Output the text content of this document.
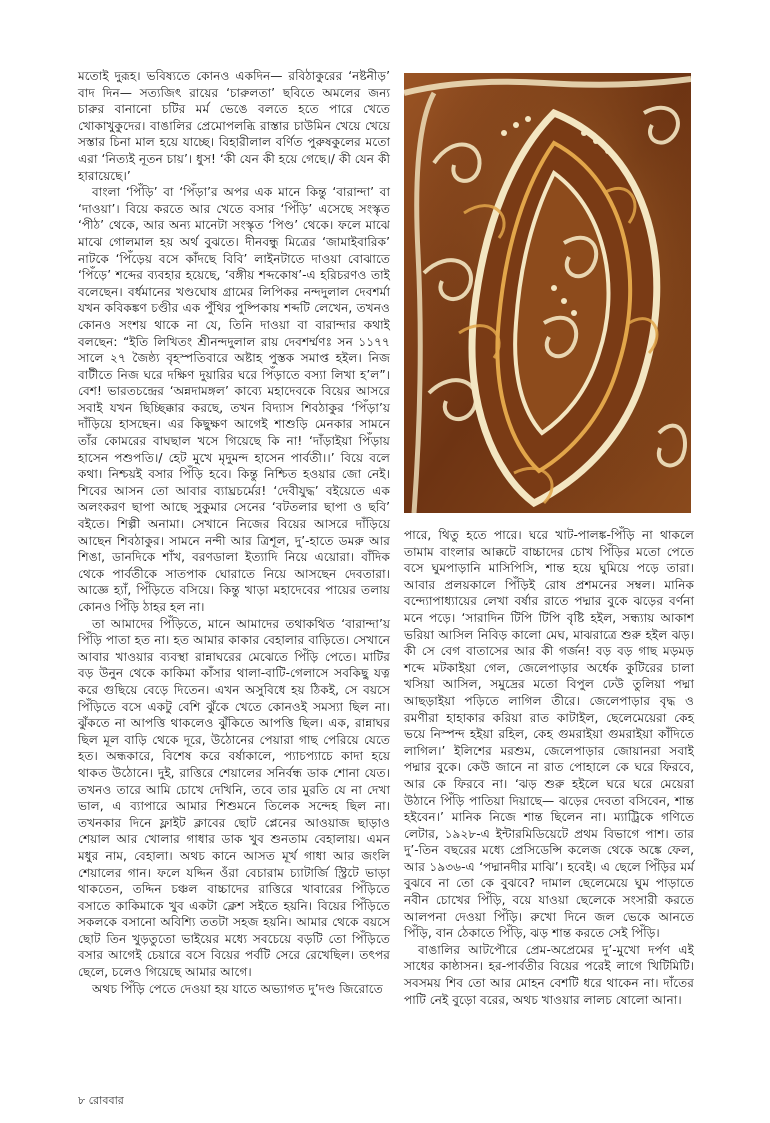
মতোই দুরূহ। ভবিষ্যতে কোনও একদিন— রবিঠাকুরের ‘নষ্টনীড়’ বাদ দিন— সত্যজিৎ রায়ের ‘চারুলতা’ ছবিতে অমলের জন্য চারুর বানানো চটির মর্ম ভেঙে বলতে হতে পারে খেতে খোকাখুকুদের। বাঙালির প্রেমোপলব্ধি রাস্তার চাউমিন খেয়ে খেয়ে সস্তার চিনা মাল হয়ে যাচ্ছে। বিহারীলাল বর্ণিত পুরুষকুলের মতো এরা ‘নিত্যই নূতন চায়’। ধুস! ‘কী যেন কী হয়ে গেছে।/ কী যেন কী হারায়েছে।’

বাংলা ‘পিঁড়ি’ বা ‘পিঁড়া’র অপর এক মানে কিন্তু ‘বারান্দা’ বা ‘দাওয়া’। বিয়ে করতে আর খেতে বসার ‘পিঁড়ি’ এসেছে সংস্কৃত ‘পীঠ’ থেকে, আর অন্য মানেটা সংস্কৃত ‘পিণ্ড’ থেকে। ফলে মাঝে মাঝে গোলমাল হয় অর্থ বুঝতে। দীনবন্ধু মিত্রের ‘জামাইবারিক’ নাটকে ‘পিঁড়েয় বসে কাঁদছে বিবি’ লাইনটাতে দাওয়া বোঝাতে ‘পিঁড়ে’ শব্দের ব্যবহার হয়েছে, ‘বঙ্গীয় শব্দকোষ’-এ হরিচরণও তাই বলেছেন। বর্ধমানের খণ্ডঘোষ গ্রামের লিপিকর নন্দদুলাল দেবশর্মা যখন কবিকঙ্কণ চণ্ডীর এক পুঁথির পুষ্পিকায় শব্দটি লেখেন, তখনও কোনও সংশয় থাকে না যে, তিনি দাওয়া বা বারান্দার কথাই বলছেন: “ইতি লিখিতং শ্রীনন্দদুলাল রায় দেবশর্ম্মণঃ সন ১১৭৭ সালে ২৭ জৈষ্ঠ্য বৃহস্পতিবারে অষ্টাহ পুস্তক সমাপ্ত হইল। নিজ বাটীতে নিজ ঘরে দক্ষিণ দুয়ারির ঘরে পিঁড়াতে বস্যা লিখা হ’ল”। বেশ! ভারতচন্দ্রের ‘অন্নদামঙ্গল’ কাব্যে মহাদেবকে বিয়ের আসরে সবাই যখন ছিচ্ছিক্কার করছে, তখন বিদ্যাস শিবঠাকুর ‘পিঁড়া’য় দাঁড়িয়ে হাসছেন। এর কিছুক্ষণ আগেই শাশুড়ি মেনকার সামনে তাঁর কোমরের বাঘছাল খসে গিয়েছে কি না! ‘দাঁড়াইয়া পিঁড়ায় হাসেন পশুপতি।/ হেট মুখে মৃদুমন্দ হাসেন পার্বতী।।’ বিয়ে বলে কথা। নিশ্চয়ই বসার পিঁড়ি হবে। কিন্তু নিশ্চিত হওয়ার জো নেই। শিবের আসন তো আবার ব্যাঘ্রচর্মের! ‘দেবীযুদ্ধ’ বইয়েতে এক অলংকরণ ছাপা আছে সুকুমার সেনের ‘বটতলার ছাপা ও ছবি’ বইতে। শিল্পী অনামা। সেখানে নিজের বিয়ের আসরে দাঁড়িয়ে আছেন শিবঠাকুর। সামনে নন্দী আর ত্রিশূল, দু’-হাতে ডমরু আর শিঙা, ডানদিকে শাঁখ, বরণডালা ইত্যাদি নিয়ে এয়োরা। বাঁদিক থেকে পার্বতীকে সাতপাক ঘোরাতে নিয়ে আসছেন দেবতারা। আজ্ঞে হ্যাঁ, পিঁড়িতে বসিয়ে। কিন্তু খাড়া মহাদেবের পায়ের তলায় কোনও পিঁড়ি ঠাহর হল না।

তা আমাদের পিঁড়িতে, মানে আমাদের তথাকথিত ‘বারান্দা’য় পিঁড়ি পাতা হত না। হত আমার কাকার বেহালার বাড়িতে। সেখানে আবার খাওয়ার ব্যবস্থা রান্নাঘরের মেঝেতে পিঁড়ি পেতে। মাটির বড় উনুন থেকে কাকিমা কাঁসার থালা-বাটি-গেলাসে সবকিছু যত্ন করে গুছিয়ে বেড়ে দিতেন। এখন অসুবিধে হয় ঠিকই, সে বয়সে পিঁড়িতে বসে একটু বেশি ঝুঁকে খেতে কোনওই সমস্যা ছিল না। ঝুঁকতে না আপত্তি থাকলেও ঝুঁকিতে আপত্তি ছিল। এক, রান্নাঘর ছিল মূল বাড়ি থেকে দূরে, উঠোনের পেয়ারা গাছ পেরিয়ে যেতে হত। অন্ধকারে, বিশেষ করে বর্ষাকালে, প্যাচপ্যাচে কাদা হয়ে থাকত উঠোনে। দুই, রাত্তিরে শেয়ালের সনির্বন্ধ ডাক শোনা যেত। তখনও তারে আমি চোখে দেখিনি, তবে তার মুরতি যে না দেখা ভাল, এ ব্যাপারে আমার শিশুমনে তিলেক সন্দেহ ছিল না। তখনকার দিনে ফ্লাইট ক্লাবের ছোট প্লেনের আওয়াজ ছাড়াও শেয়াল আর খোলার গাধার ডাক খুব শুনতাম বেহালায়। এমন মধুর নাম, বেহালা। অথচ কানে আসত মূর্খ গাধা আর জংলি শেয়ালের গান। ফলে যদ্দিন ওঁরা বেচারাম চ্যাটার্জি স্ট্রিটে ভাড়া থাকতেন, তদ্দিন চঞ্চল বাচ্চাদের রাত্তিরে খাবারের পিঁড়িতে বসাতে কাকিমাকে খুব একটা ক্লেশ সইতে হয়নি। বিয়ের পিঁড়িতে সকলকে বসানো অবিশ্যি ততটা সহজ হয়নি। আমার থেকে বয়সে ছোট তিন খুড়তুতো ভাইয়ের মধ্যে সবচেয়ে বড়টি তো পিঁড়িতে বসার আগেই চেয়ারে বসে বিয়ের পর্বটি সেরে রেখেছিল। তৎপর ছেলে, চলেও গিয়েছে আমার আগে।

অথচ পিঁড়ি পেতে দেওয়া হয় যাতে অভ্যাগত দু’দণ্ড জিরোতে

পারে, থিতু হতে পারে। ঘরে খাট-পালঙ্ক-পিঁড়ি না থাকলে তামাম বাংলার আক্কটে বাচ্চাদের চোখ পিঁড়ির মতো পেতে বসে ঘুমপাড়ানি মাসিপিসি, শান্ত হয়ে ঘুমিয়ে পড়ে তারা। আবার প্রলয়কালে পিঁড়িই রোষ প্রশমনের সম্বল। মানিক বন্দ্যোপাধ্যায়ের লেখা বর্ষার রাতে পদ্মার বুকে ঝড়ের বর্ণনা মনে পড়ে। ‘সারাদিন টিপি টিপি বৃষ্টি হইল, সন্ধ্যায় আকাশ ভরিয়া আসিল নিবিড় কালো মেঘ, মাঝরাত্রে শুরু হইল ঝড়। কী সে বেগ বাতাসের আর কী গর্জন! বড় বড় গাছ মড়মড় শব্দে মটকাইয়া গেল, জেলেপাড়ার অর্ধেক কুটিরের চালা খসিয়া আসিল, সমুদ্রের মতো বিপুল ঢেউ তুলিয়া পদ্মা আছড়াইয়া পড়িতে লাগিল তীরে। জেলেপাড়ার বৃদ্ধ ও রমণীরা হাহাকার করিয়া রাত কাটাইল, ছেলেমেয়েরা কেহ ভয়ে নিস্পন্দ হইয়া রহিল, কেহ গুমরাইয়া গুমরাইয়া কাঁদিতে লাগিল।’ ইলিশের মরশুম, জেলেপাড়ার জোয়ানরা সবাই পদ্মার বুকে। কেউ জানে না রাত পোহালে কে ঘরে ফিরবে, আর কে ফিরবে না। ‘ঝড় শুরু হইলে ঘরে ঘরে মেয়েরা উঠানে পিঁড়ি পাতিয়া দিয়াছে— ঝড়ের দেবতা বসিবেন, শান্ত হইবেন।’ মানিক নিজে শান্ত ছিলেন না। ম্যাট্রিকে গণিতে লেটার, ১৯২৮-এ ইন্টারমিডিয়েটে প্রথম বিভাগে পাশ। তার দু’-তিন বছরের মধ্যে প্রেসিডেন্সি কলেজ থেকে অঙ্কে ফেল, আর ১৯৩৬-এ ‘পদ্মানদীর মাঝি’। হবেই। এ ছেলে পিঁড়ির মর্ম বুঝবে না তো কে বুঝবে? দামাল ছেলেমেয়ে ঘুম পাড়াতে নবীন চোখের পিঁড়ি, বয়ে যাওয়া ছেলেকে সংসারী করতে আলপনা দেওয়া পিঁড়ি। রুখো দিনে জল ভেকে আনতে পিঁড়ি, বান ঠেকাতে পিঁড়ি, ঝড় শান্ত করতে সেই পিঁড়ি।

বাঙালির আটপৌরে প্রেম-অপ্রেমের দু’-মুখো দর্পণ এই সাধের কাষ্ঠাসন। হর-পার্বতীর বিয়ের পরেই লাগে খিটিমিটি। সবসময় শিব তো আর মোহন বেশটি ধরে থাকেন না। দাঁতের পাটি নেই বুড়ো বরের, অথচ খাওয়ার লালচ ষোলো আনা।

৮ রোববার
